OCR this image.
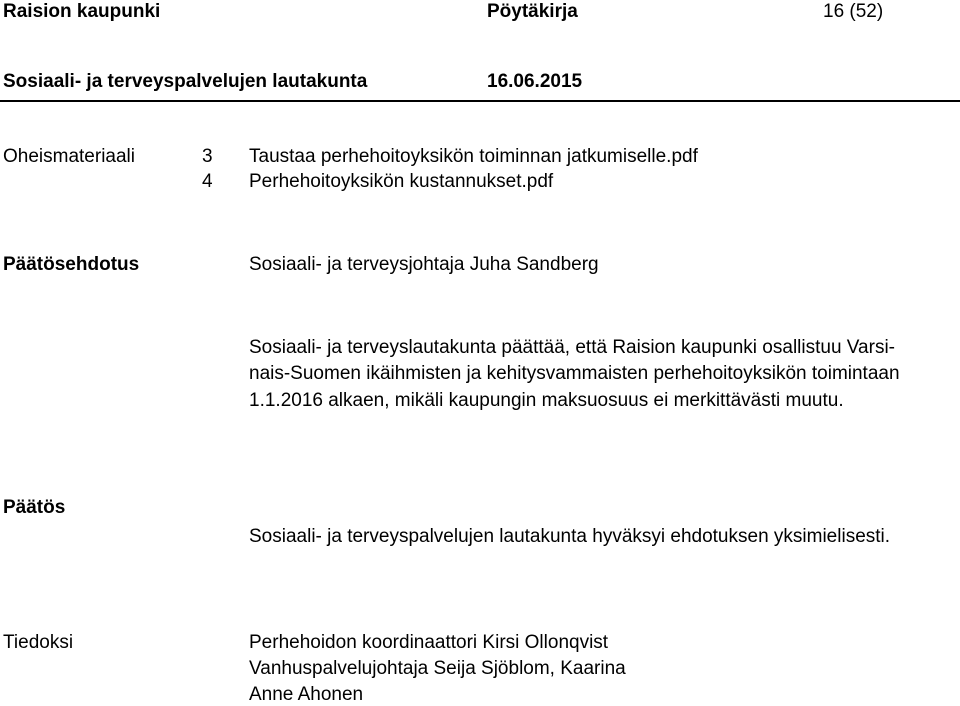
Raision kaupunki	Pöytäkirja	16 (52)
Sosiaali- ja terveyspalvelujen lautakunta	16.06.2015
Oheismateriaali	3 Taustaa perhehoitoyksikön toiminnan jatkumiselle.pdf
4 Perhehoitoyksikön kustannukset.pdf
Päätösehdotus	Sosiaali- ja terveysjohtaja Juha Sandberg
Sosiaali- ja terveyslautakunta päättää, että Raision kaupunki osallistuu Varsi-
nais-Suomen ikäihmisten ja kehitysvammaisten perhehoitoyksikön toimintaan
1.1.2016 alkaen, mikäli kaupungin maksuosuus ei merkittävästi muutu.
Päätös
Sosiaali- ja terveyspalvelujen lautakunta hyväksyi ehdotuksen yksimielisesti.
Tiedoksi	Perhehoidon koordinaattori Kirsi Ollonqvist
Vanhuspalvelujohtaja Seija Sjöblom, Kaarina
Anne Ahonen
